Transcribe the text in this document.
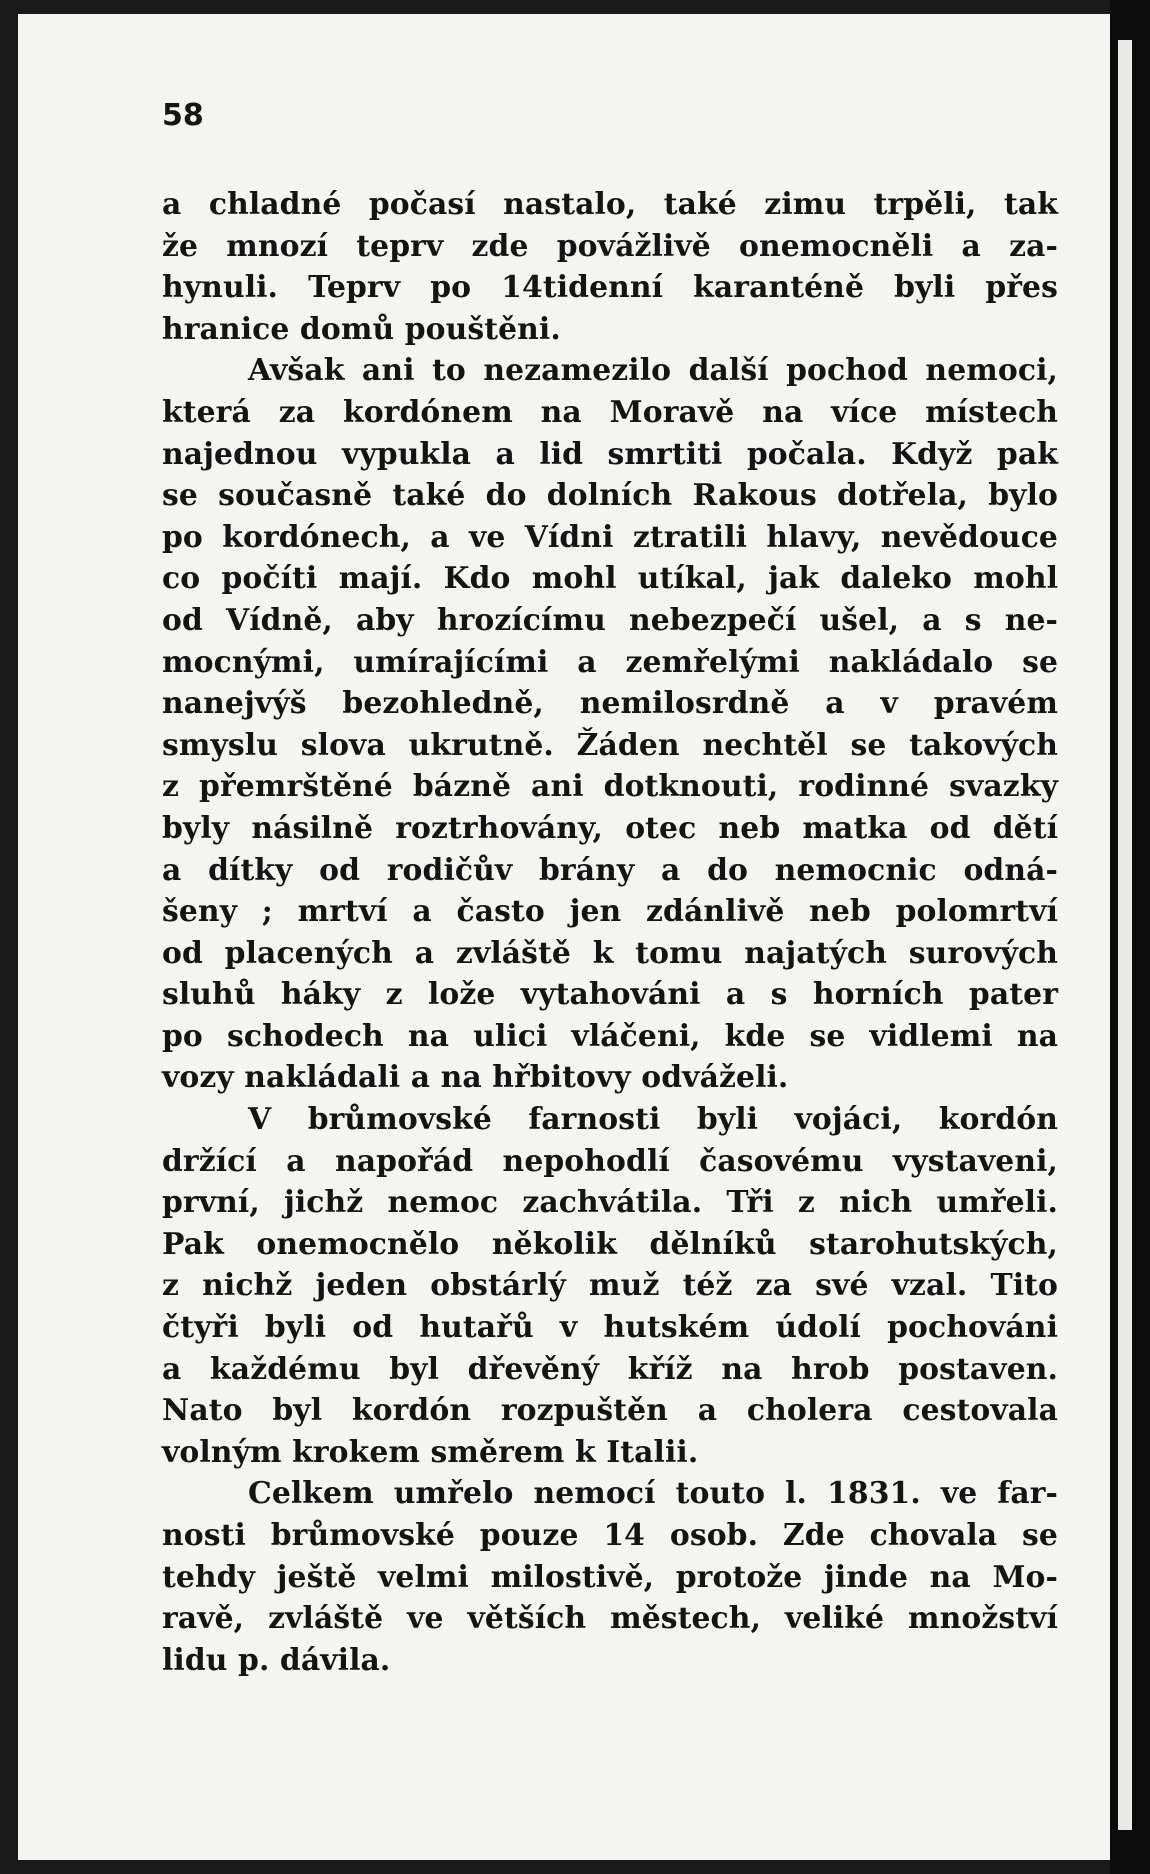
58
a chladné počasí nastalo, také zimu trpěli, tak
že mnozí teprv zde povážlivě onemocněli a za-
hynuli. Teprv po 14tidenní karanténě byli přes
hranice domů pouštěni.
Avšak ani to nezamezilo další pochod nemoci,
která za kordónem na Moravě na více místech
najednou vypukla a lid smrtiti počala. Když pak
se současně také do dolních Rakous dotřela, bylo
po kordónech, a ve Vídni ztratili hlavy, nevědouce
co počíti mají. Kdo mohl utíkal, jak daleko mohl
od Vídně, aby hrozícímu nebezpečí ušel, a s ne-
mocnými, umírajícími a zemřelými nakládalo se
nanejvýš bezohledně, nemilosrdně a v pravém
smyslu slova ukrutně. Žáden nechtěl se takových
z přemrštěné bázně ani dotknouti, rodinné svazky
byly násilně roztrhovány, otec neb matka od dětí
a dítky od rodičův brány a do nemocnic odná-
šeny ; mrtví a často jen zdánlivě neb polomrtví
od placených a zvláště k tomu najatých surových
sluhů háky z lože vytahováni a s horních pater
po schodech na ulici vláčeni, kde se vidlemi na
vozy nakládali a na hřbitovy odváželi.
V brůmovské farnosti byli vojáci, kordón
držící a napořád nepohodlí časovému vystaveni,
první, jichž nemoc zachvátila. Tři z nich umřeli.
Pak onemocnělo několik dělníků starohutských,
z nichž jeden obstárlý muž též za své vzal. Tito
čtyři byli od hutařů v hutském údolí pochováni
a každému byl dřevěný kříž na hrob postaven.
Nato byl kordón rozpuštěn a cholera cestovala
volným krokem směrem k Italii.
Celkem umřelo nemocí touto l. 1831. ve far-
nosti brůmovské pouze 14 osob. Zde chovala se
tehdy ještě velmi milostivě, protože jinde na Mo-
ravě, zvláště ve větších městech, veliké množství
lidu p. dávila.
